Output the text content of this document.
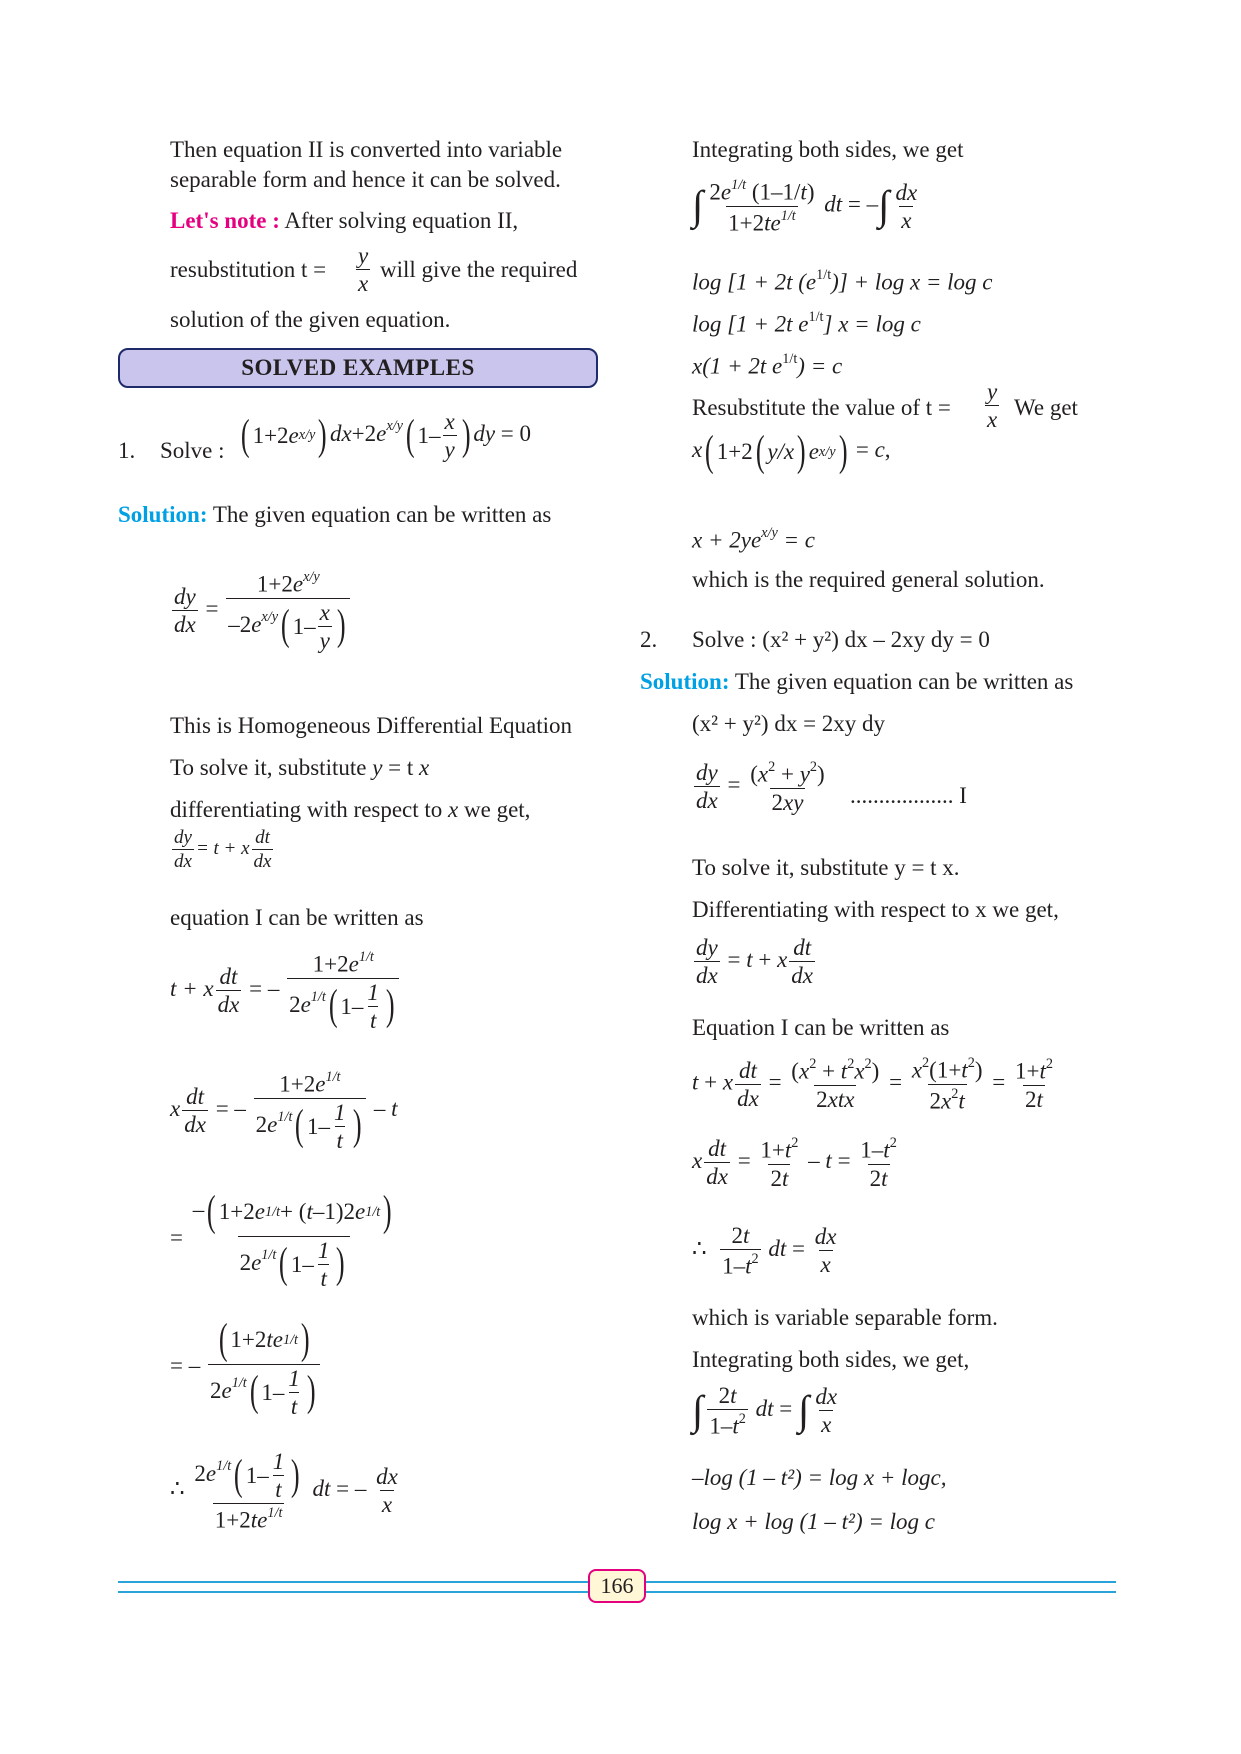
Then equation II is converted into variable
separable form and hence it can be solved.
Let's note : After solving equation II,
resubstitution $t = \frac{y}{x}$ will give the required
solution of the given equation.
SOLVED EXAMPLES
1. Solve :
( 1+2 e x/y
) $dx+2e^{x/y}$
( $1- \frac{x}{y}$
) dy = 0
Solution: The given equation can be written as
$\frac{dy}{dx} = 1+2e^{x/y}$
$-2e^{x/y}$
( $1- \frac{x}{y}$
)
This is Homogeneous Differential Equation
To solve it, substitute y = t x
differentiating with respect to x we get,
$\frac{dy}{dx} = t + x \frac{dt}{dx}$
equation I can be written as
t + x $\frac{dt}{dx}$ = – $1+2e^{1/t}$
$2e^{1/t}$
( $1- \frac{1}{t}$
)
x $\frac{dt}{dx}$ = – $1+2e^{1/t}$
$2e^{1/t}$
( $1- \frac{1}{t}$
) – t
= –
( 1+2 e 1/t + ( t –1)2 e 1/t
)
$2e^{1/t}$
( $1- \frac{1}{t}$
)
= –
( 1+2 te 1/t
)
$2e^{1/t}$
( $1- \frac{1}{t}$
)
∴ $2e^{1/t}$
( $1- \frac{1}{t}$
)
$1+2te^{1/t}$ dt = – $\frac{dx}{x}$
Integrating both sides, we get
∫ $\frac{2e^{1/t} (1-1/t)}{1+2te^{1/t}}$ dt = –∫ $\frac{dx}{x}$
log [1 + 2t $(e^{1/t})] + \log x = \log c$
log [1 + 2t $e^{1/t}$] x = log c
x(1 + 2t $e^{1/t}) = c$
Resubstitute the value of $t = \frac{y}{x}$ We get
x
( 1+2
( y/x ) e x/y
) = c,
$x + 2ye^{x/y} = c$
which is the required general solution.
2. Solve : (x² + y²) dx – 2xy dy = 0
Solution: The given equation can be written as
(x² + y²) dx = 2xy dy
$\frac{dy}{dx} = \frac{(x^2 + y^2)}{2xy}$ .................. I
To solve it, substitute y = t x.
Differentiating with respect to x we get,
$\frac{dy}{dx} = t + x \frac{dt}{dx}$
Equation I can be written as
t + x $\frac{dt}{dx} = \frac{(x^2 + t^2x^2)}{\text{2xtx}} = \frac{x^2(1+t^2)}{2x^2t} = \frac{1+t^2}{2t}$
x $\frac{dt}{dx} = \frac{1+t^2}{2t} - t = \frac{1-t^2}{2t}$
∴ $\frac{2t}{1-t^2}$ dt = $\frac{dx}{x}$
which is variable separable form.
Integrating both sides, we get,
∫ $\frac{2t}{1-t^2}$ dt = ∫ $\frac{dx}{x}$
–log (1 – t²) = log x + logc,
log x + log (1 – t²) = log c
166
